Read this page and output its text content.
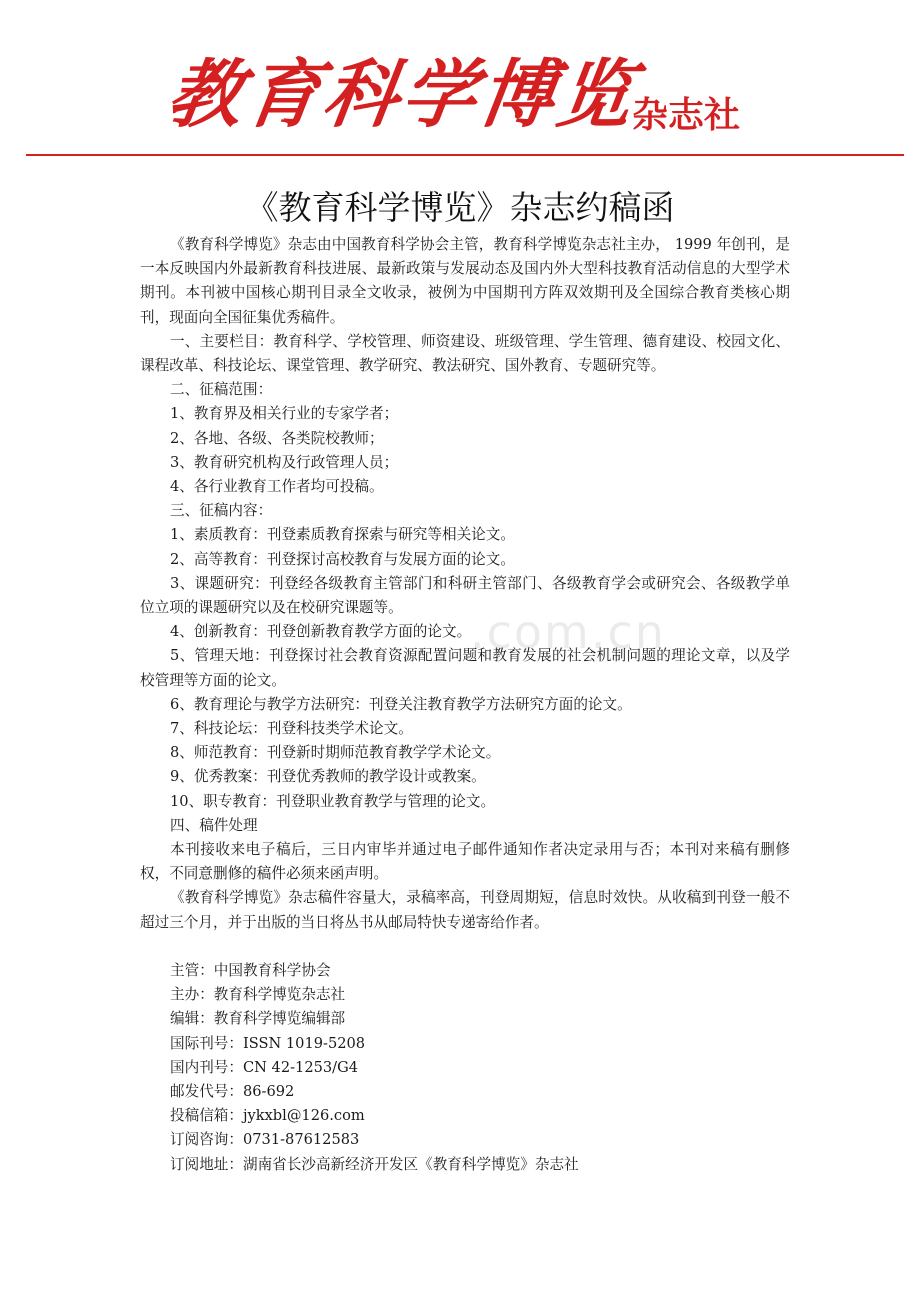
教育科学博览
杂志社
《教育科学博览》杂志约稿函

《教育科学博览》杂志由中国教育科学协会主管，教育科学博览杂志社主办， 1999 年创刊，是一本反映国内外最新教育科技进展、最新政策与发展动态及国内外大型科技教育活动信息的大型学术期刊。本刊被中国核心期刊目录全文收录，被例为中国期刊方阵双效期刊及全国综合教育类核心期刊，现面向全国征集优秀稿件。

一、主要栏目：教育科学、学校管理、师资建设、班级管理、学生管理、德育建设、校园文化、课程改革、科技论坛、课堂管理、教学研究、教法研究、国外教育、专题研究等。

二、征稿范围：

1、教育界及相关行业的专家学者；

2、各地、各级、各类院校教师；

3、教育研究机构及行政管理人员；

4、各行业教育工作者均可投稿。

三、征稿内容：

1、素质教育：刊登素质教育探索与研究等相关论文。

2、高等教育：刊登探讨高校教育与发展方面的论文。

3、课题研究：刊登经各级教育主管部门和科研主管部门、各级教育学会或研究会、各级教学单位立项的课题研究以及在校研究课题等。

4、创新教育：刊登创新教育教学方面的论文。

5、管理天地：刊登探讨社会教育资源配置问题和教育发展的社会机制问题的理论文章，以及学校管理等方面的论文。

6、教育理论与教学方法研究：刊登关注教育教学方法研究方面的论文。

7、科技论坛：刊登科技类学术论文。

8、师范教育：刊登新时期师范教育教学学术论文。

9、优秀教案：刊登优秀教师的教学设计或教案。

10、职专教育：刊登职业教育教学与管理的论文。

四、稿件处理

本刊接收来电子稿后，三日内审毕并通过电子邮件通知作者决定录用与否；本刊对来稿有删修权，不同意删修的稿件必须来函声明。

《教育科学博览》杂志稿件容量大，录稿率高，刊登周期短，信息时效快。从收稿到刊登一般不超过三个月，并于出版的当日将丛书从邮局特快专递寄给作者。

主管：中国教育科学协会

主办：教育科学博览杂志社

编辑：教育科学博览编辑部

国际刊号：ISSN 1019-5208

国内刊号：CN 42-1253/G4

邮发代号：86-692

投稿信箱：jykxbl@126.com

订阅咨询：0731-87612583

订阅地址：湖南省长沙高新经济开发区《教育科学博览》杂志社

.com.cn
